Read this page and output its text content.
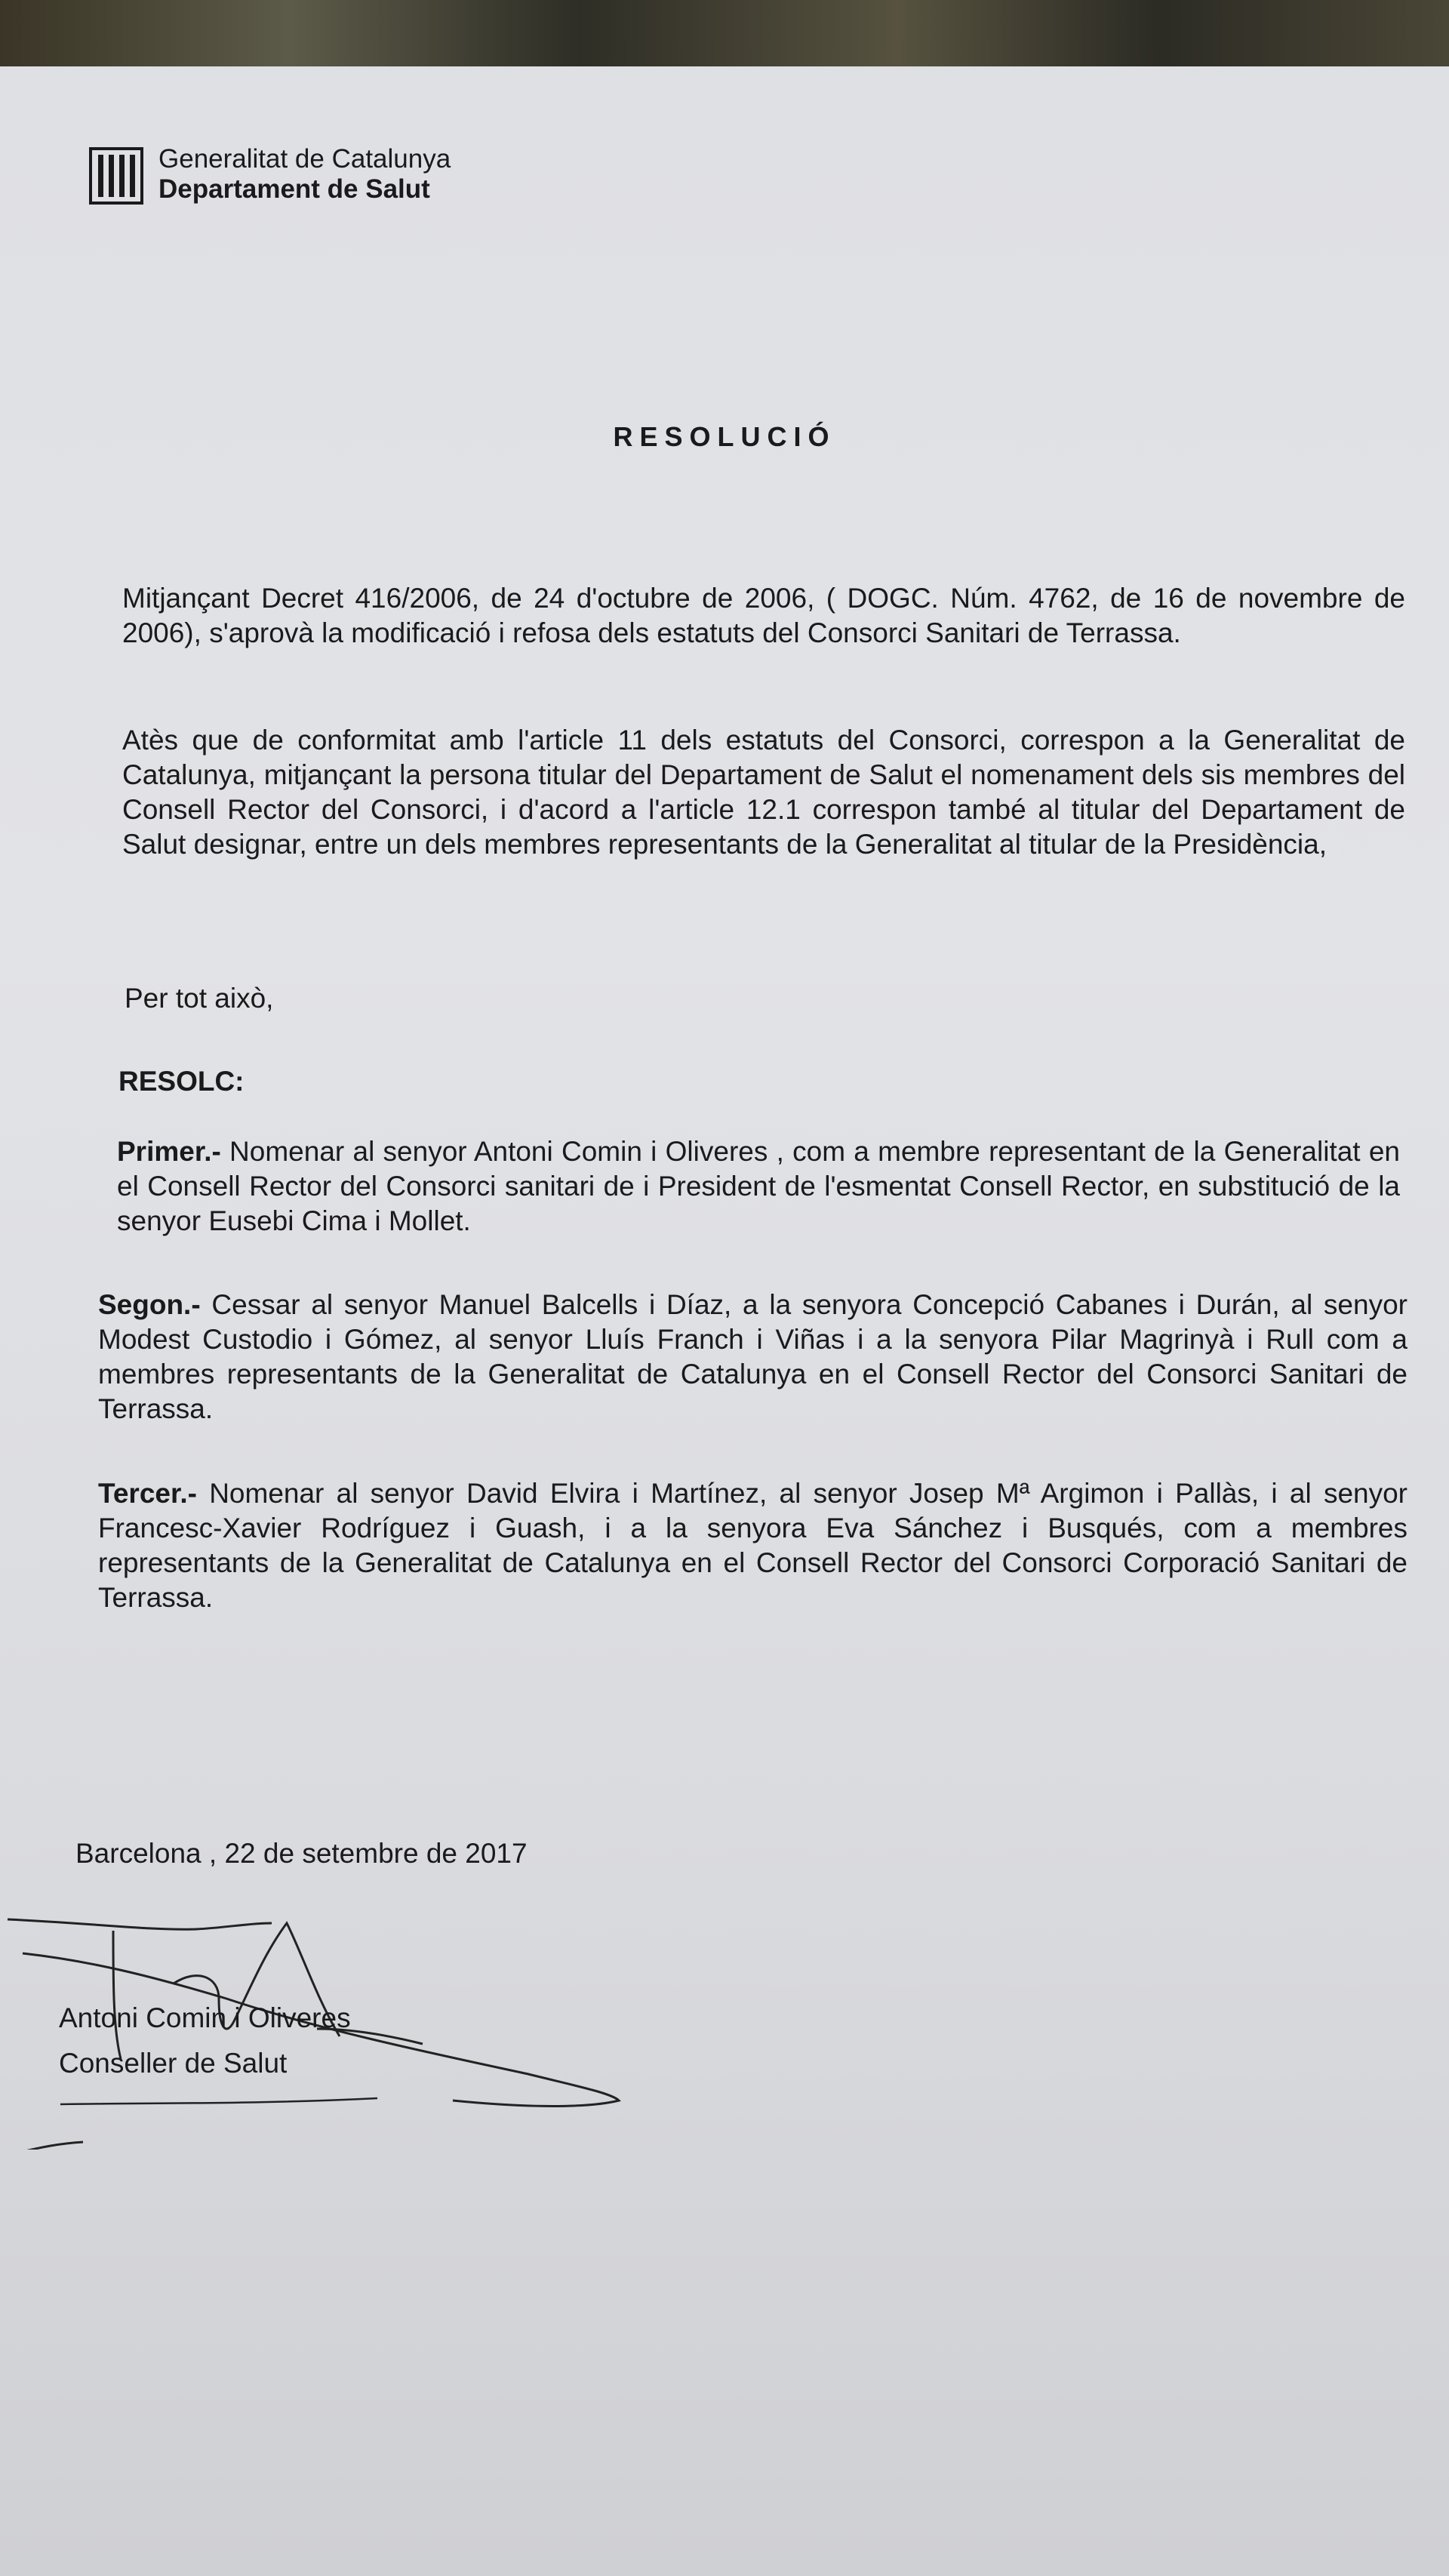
Generalitat de Catalunya
Departament de Salut
RESOLUCIÓ
Mitjançant Decret 416/2006, de 24 d'octubre de 2006, ( DOGC. Núm. 4762, de 16 de novembre de 2006), s'aprovà la modificació i refosa dels estatuts del Consorci Sanitari de Terrassa.
Atès que de conformitat amb l'article 11 dels estatuts del Consorci, correspon a la Generalitat de Catalunya, mitjançant la persona titular del Departament de Salut el nomenament dels sis membres del Consell Rector del Consorci, i d'acord a l'article 12.1 correspon també al titular del Departament de Salut designar, entre un dels membres representants de la Generalitat al titular de la Presidència,
Per tot això,
RESOLC:
Primer.- Nomenar al senyor Antoni Comin i Oliveres , com a membre representant de la Generalitat en el Consell Rector del Consorci sanitari de i President de l'esmentat Consell Rector, en substitució de la senyor Eusebi Cima i Mollet.
Segon.- Cessar al senyor Manuel Balcells i Díaz, a la senyora Concepció Cabanes i Durán, al senyor Modest Custodio i Gómez, al senyor Lluís Franch i Viñas i a la senyora Pilar Magrinyà i Rull com a membres representants de la Generalitat de Catalunya en el Consell Rector del Consorci Sanitari de Terrassa.
Tercer.- Nomenar al senyor David Elvira i Martínez, al senyor Josep Mª Argimon i Pallàs, i al senyor Francesc-Xavier Rodríguez i Guash, i a la senyora Eva Sánchez i Busqués, com a membres representants de la Generalitat de Catalunya en el Consell Rector del Consorci Corporació Sanitari de Terrassa.
Barcelona , 22 de setembre de 2017
Antoni Comin i Oliveres
Conseller de Salut
